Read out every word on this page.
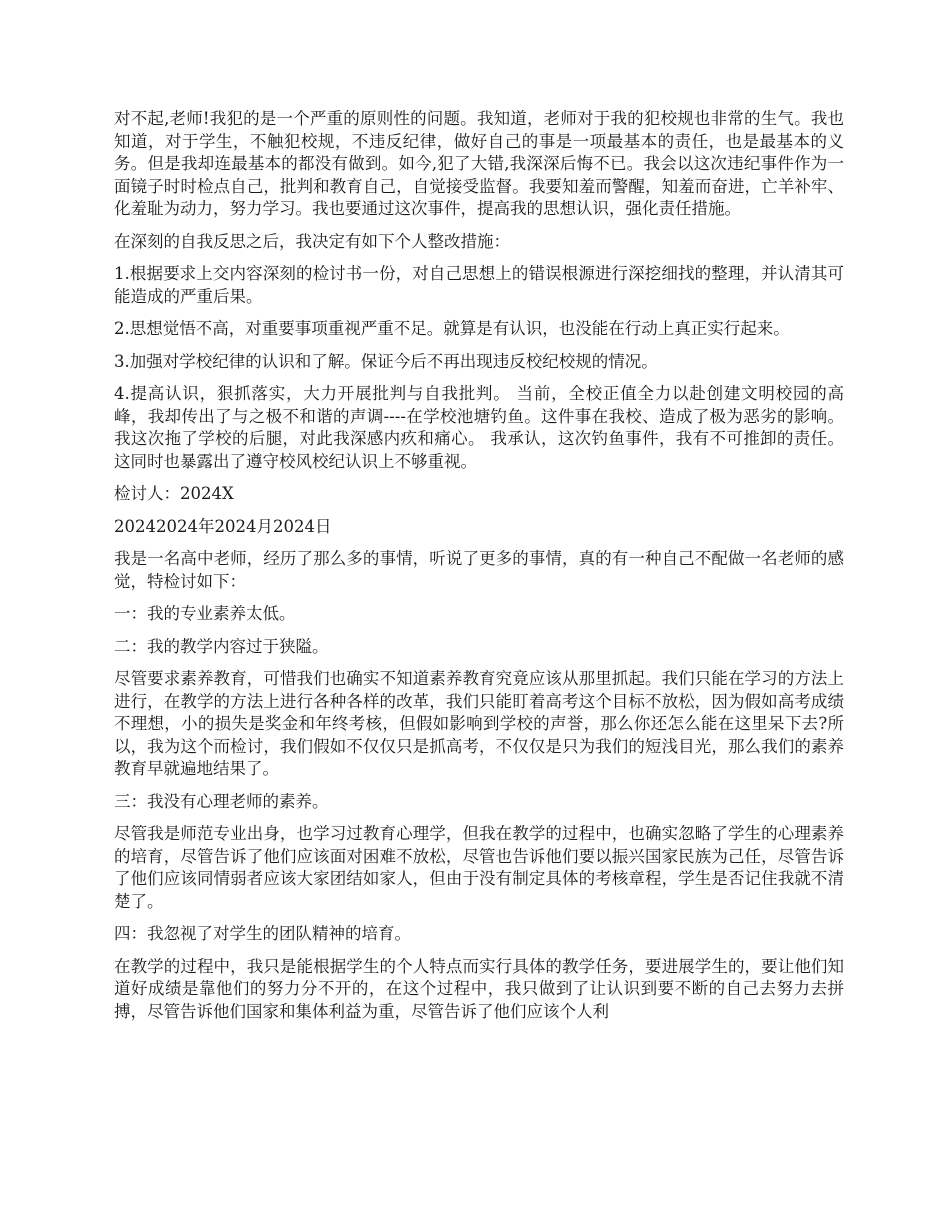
对不起,老师!我犯的是一个严重的原则性的问题。我知道，老师对于我的犯校规也非常的生气。我也知道，对于学生，不触犯校规，不违反纪律，做好自己的事是一项最基本的责任，也是最基本的义务。但是我却连最基本的都没有做到。如今,犯了大错,我深深后悔不已。我会以这次违纪事件作为一面镜子时时检点自己，批判和教育自己，自觉接受监督。我要知羞而警醒，知羞而奋进，亡羊补牢、化羞耻为动力，努力学习。我也要通过这次事件，提高我的思想认识，强化责任措施。

在深刻的自我反思之后，我决定有如下个人整改措施：

1.根据要求上交内容深刻的检讨书一份，对自己思想上的错误根源进行深挖细找的整理，并认清其可能造成的严重后果。

2.思想觉悟不高，对重要事项重视严重不足。就算是有认识，也没能在行动上真正实行起来。

3.加强对学校纪律的认识和了解。保证今后不再出现违反校纪校规的情况。

4.提高认识，狠抓落实，大力开展批判与自我批判。 当前，全校正值全力以赴创建文明校园的高峰，我却传出了与之极不和谐的声调----在学校池塘钓鱼。这件事在我校、造成了极为恶劣的影响。我这次拖了学校的后腿，对此我深感内疚和痛心。 我承认，这次钓鱼事件，我有不可推卸的责任。 这同时也暴露出了遵守校风校纪认识上不够重视。

检讨人：2024X

20242024年2024月2024日

我是一名高中老师，经历了那么多的事情，听说了更多的事情，真的有一种自己不配做一名老师的感觉，特检讨如下：

一：我的专业素养太低。

二：我的教学内容过于狭隘。

尽管要求素养教育，可惜我们也确实不知道素养教育究竟应该从那里抓起。我们只能在学习的方法上进行，在教学的方法上进行各种各样的改革，我们只能盯着高考这个目标不放松，因为假如高考成绩不理想，小的损失是奖金和年终考核，但假如影响到学校的声誉，那么你还怎么能在这里呆下去?所以，我为这个而检讨，我们假如不仅仅只是抓高考，不仅仅是只为我们的短浅目光，那么我们的素养教育早就遍地结果了。

三：我没有心理老师的素养。

尽管我是师范专业出身，也学习过教育心理学，但我在教学的过程中，也确实忽略了学生的心理素养的培育，尽管告诉了他们应该面对困难不放松，尽管也告诉他们要以振兴国家民族为己任，尽管告诉了他们应该同情弱者应该大家团结如家人，但由于没有制定具体的考核章程，学生是否记住我就不清楚了。

四：我忽视了对学生的团队精神的培育。

在教学的过程中，我只是能根据学生的个人特点而实行具体的教学任务，要进展学生的，要让他们知道好成绩是靠他们的努力分不开的，在这个过程中，我只做到了让认识到要不断的自己去努力去拼搏，尽管告诉他们国家和集体利益为重，尽管告诉了他们应该个人利
